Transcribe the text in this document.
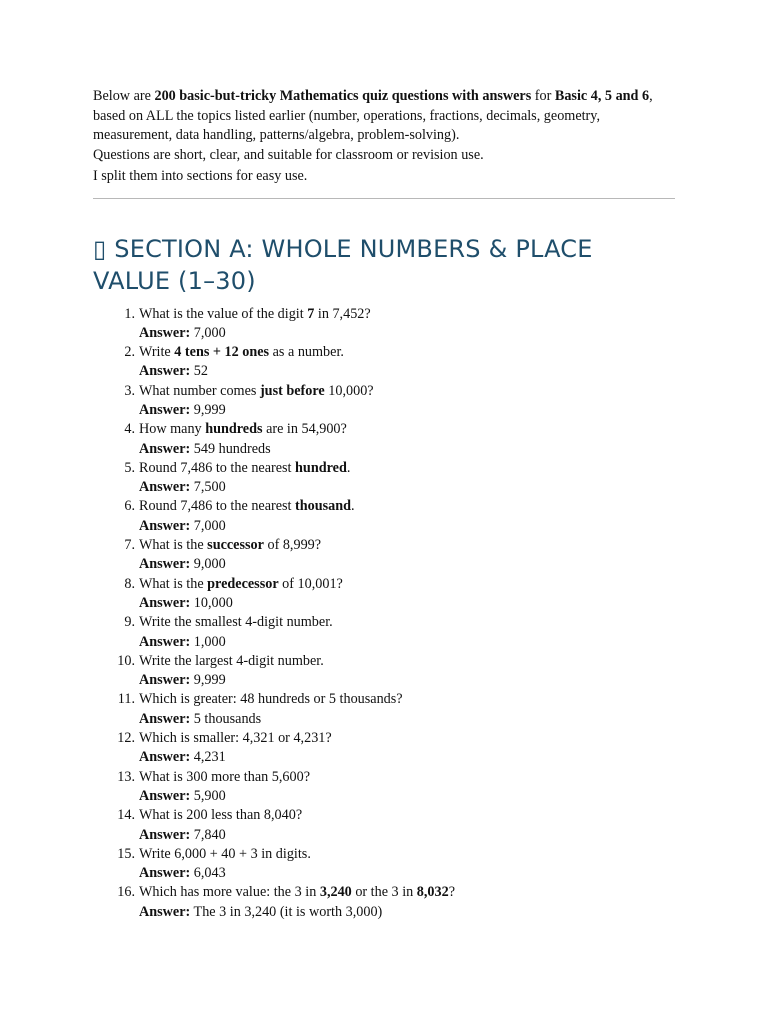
Below are 200 basic-but-tricky Mathematics quiz questions with answers for Basic 4, 5 and 6, based on ALL the topics listed earlier (number, operations, fractions, decimals, geometry, measurement, data handling, patterns/algebra, problem-solving).

Questions are short, clear, and suitable for classroom or revision use.

I split them into sections for easy use.

▯ SECTION A: WHOLE NUMBERS & PLACE VALUE (1–30)
1. What is the value of the digit 7 in 7,452?
Answer: 7,000
2. Write 4 tens + 12 ones as a number.
Answer: 52
3. What number comes just before 10,000?
Answer: 9,999
4. How many hundreds are in 54,900?
Answer: 549 hundreds
5. Round 7,486 to the nearest hundred.
Answer: 7,500
6. Round 7,486 to the nearest thousand.
Answer: 7,000
7. What is the successor of 8,999?
Answer: 9,000
8. What is the predecessor of 10,001?
Answer: 10,000
9. Write the smallest 4-digit number.
Answer: 1,000
10. Write the largest 4-digit number.
Answer: 9,999
11. Which is greater: 48 hundreds or 5 thousands?
Answer: 5 thousands
12. Which is smaller: 4,321 or 4,231?
Answer: 4,231
13. What is 300 more than 5,600?
Answer: 5,900
14. What is 200 less than 8,040?
Answer: 7,840
15. Write 6,000 + 40 + 3 in digits.
Answer: 6,043
16. Which has more value: the 3 in 3,240 or the 3 in 8,032?
Answer: The 3 in 3,240 (it is worth 3,000)
